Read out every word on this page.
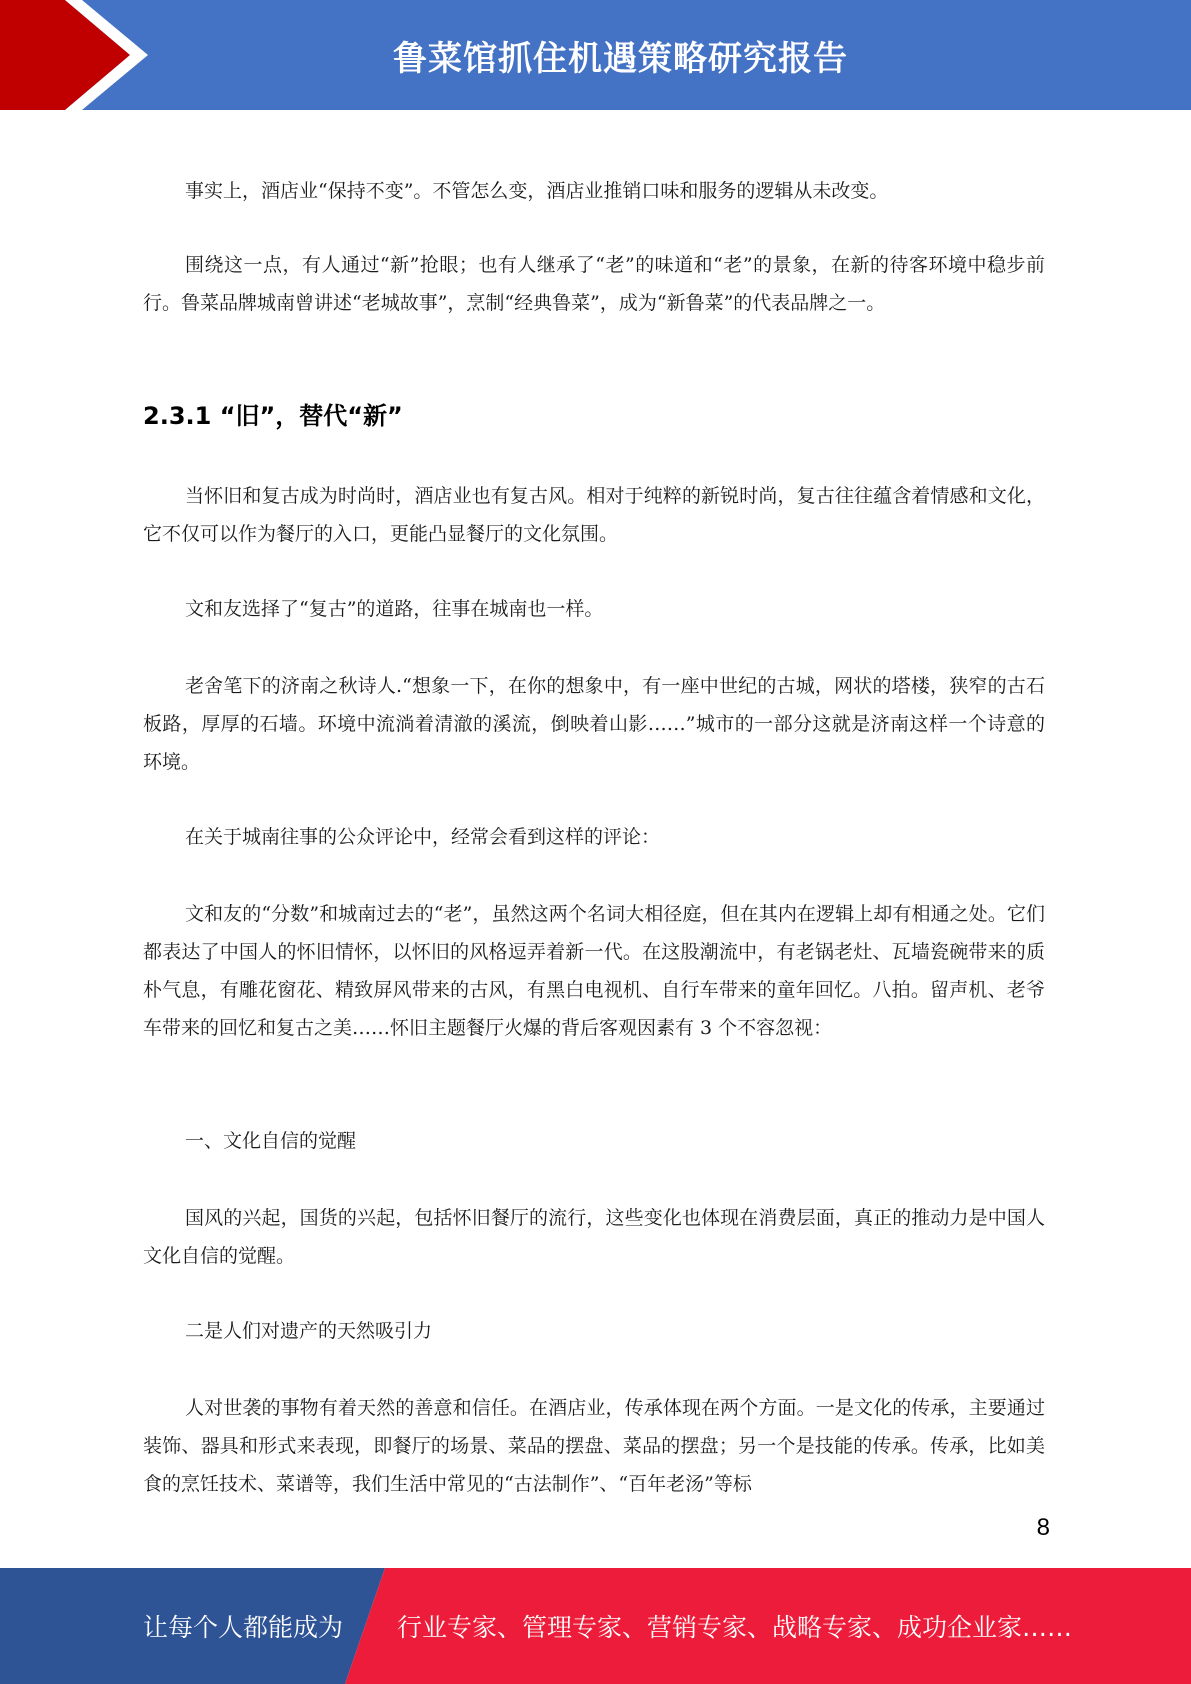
鲁菜馆抓住机遇策略研究报告
事实上，酒店业“保持不变”。不管怎么变，酒店业推销口味和服务的逻辑从未改变。
围绕这一点，有人通过“新”抢眼；也有人继承了“老”的味道和“老”的景象，在新的待客环境中稳步前行。鲁菜品牌城南曾讲述“老城故事”，烹制“经典鲁菜”，成为“新鲁菜”的代表品牌之一。
2.3.1 “旧”，替代“新”
当怀旧和复古成为时尚时，酒店业也有复古风。相对于纯粹的新锐时尚，复古往往蕴含着情感和文化，它不仅可以作为餐厅的入口，更能凸显餐厅的文化氛围。
文和友选择了“复古”的道路，往事在城南也一样。
老舍笔下的济南之秋诗人.“想象一下，在你的想象中，有一座中世纪的古城，网状的塔楼，狭窄的古石板路，厚厚的石墙。环境中流淌着清澈的溪流，倒映着山影……”城市的一部分这就是济南这样一个诗意的环境。
在关于城南往事的公众评论中，经常会看到这样的评论：
文和友的“分数”和城南过去的“老”，虽然这两个名词大相径庭，但在其内在逻辑上却有相通之处。它们都表达了中国人的怀旧情怀，以怀旧的风格逗弄着新一代。在这股潮流中，有老锅老灶、瓦墙瓷碗带来的质朴气息，有雕花窗花、精致屏风带来的古风，有黑白电视机、自行车带来的童年回忆。八拍。留声机、老爷车带来的回忆和复古之美……怀旧主题餐厅火爆的背后客观因素有 3 个不容忽视：
一、文化自信的觉醒
国风的兴起，国货的兴起，包括怀旧餐厅的流行，这些变化也体现在消费层面，真正的推动力是中国人文化自信的觉醒。
二是人们对遗产的天然吸引力
人对世袭的事物有着天然的善意和信任。在酒店业，传承体现在两个方面。一是文化的传承，主要通过装饰、器具和形式来表现，即餐厅的场景、菜品的摆盘、菜品的摆盘；另一个是技能的传承。传承，比如美食的烹饪技术、菜谱等，我们生活中常见的“古法制作”、“百年老汤”等标
8
让每个人都能成为 行业专家、管理专家、营销专家、战略专家、成功企业家……
